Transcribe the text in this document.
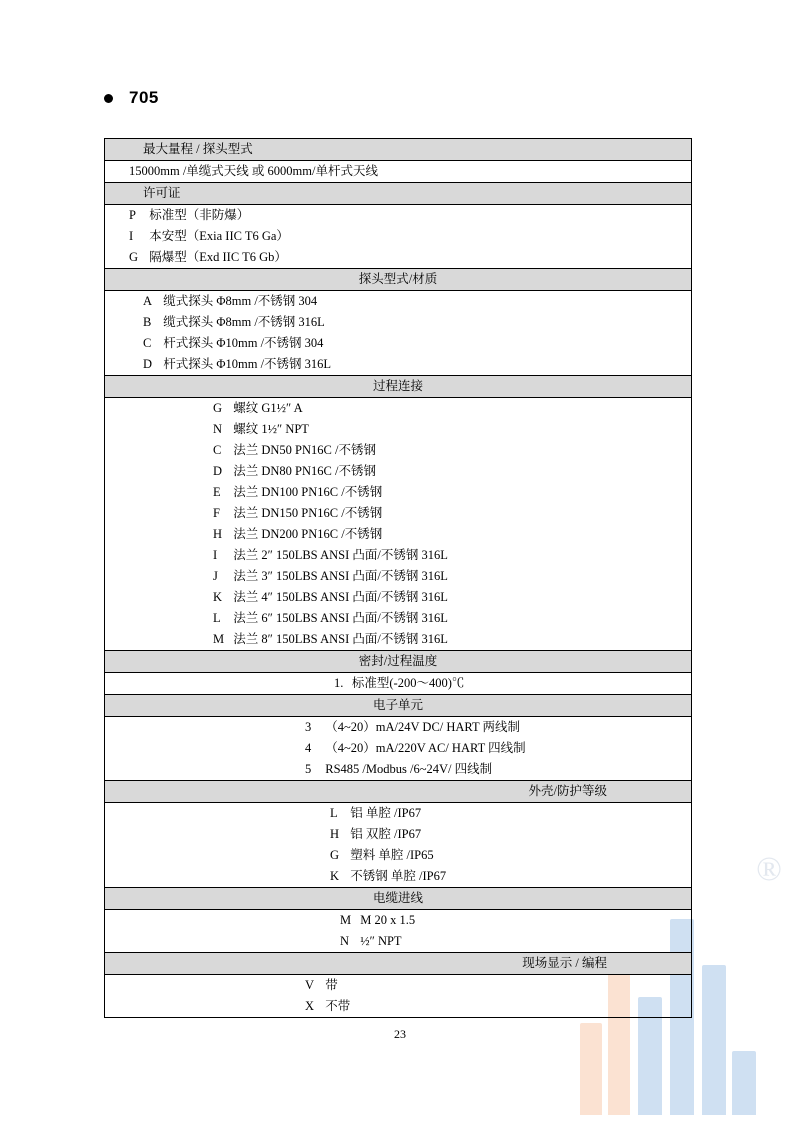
®
705
最大量程 / 探头型式

15000mm /单缆式天线 或 6000mm/单杆式天线

许可证

P 标准型（非防爆）
I 本安型（Exia IIC T6 Ga）
G 隔爆型（Exd IIC T6 Gb）

探头型式/材质

A 缆式探头 Φ8mm /不锈钢 304
B 缆式探头 Φ8mm /不锈钢 316L
C 杆式探头 Φ10mm /不锈钢 304
D 杆式探头 Φ10mm /不锈钢 316L

过程连接

G 螺纹 G1½″ A
N 螺纹 1½″ NPT
C 法兰 DN50 PN16C /不锈钢
D 法兰 DN80 PN16C /不锈钢
E 法兰 DN100 PN16C /不锈钢
F 法兰 DN150 PN16C /不锈钢
H 法兰 DN200 PN16C /不锈钢
I 法兰 2″ 150LBS ANSI 凸面/不锈钢 316L
J 法兰 3″ 150LBS ANSI 凸面/不锈钢 316L
K 法兰 4″ 150LBS ANSI 凸面/不锈钢 316L
L 法兰 6″ 150LBS ANSI 凸面/不锈钢 316L
M 法兰 8″ 150LBS ANSI 凸面/不锈钢 316L

密封/过程温度

1. 标准型(-200～400)℃

电子单元

3 （4~20）mA/24V DC/ HART 两线制
4 （4~20）mA/220V AC/ HART 四线制
5 RS485 /Modbus /6~24V/ 四线制

外壳/防护等级

L 铝 单腔 /IP67
H 铝 双腔 /IP67
G 塑料 单腔 /IP65
K 不锈钢 单腔 /IP67

电缆进线

M M 20 x 1.5
N ½″ NPT

现场显示 / 编程

V 带
X 不带
23
